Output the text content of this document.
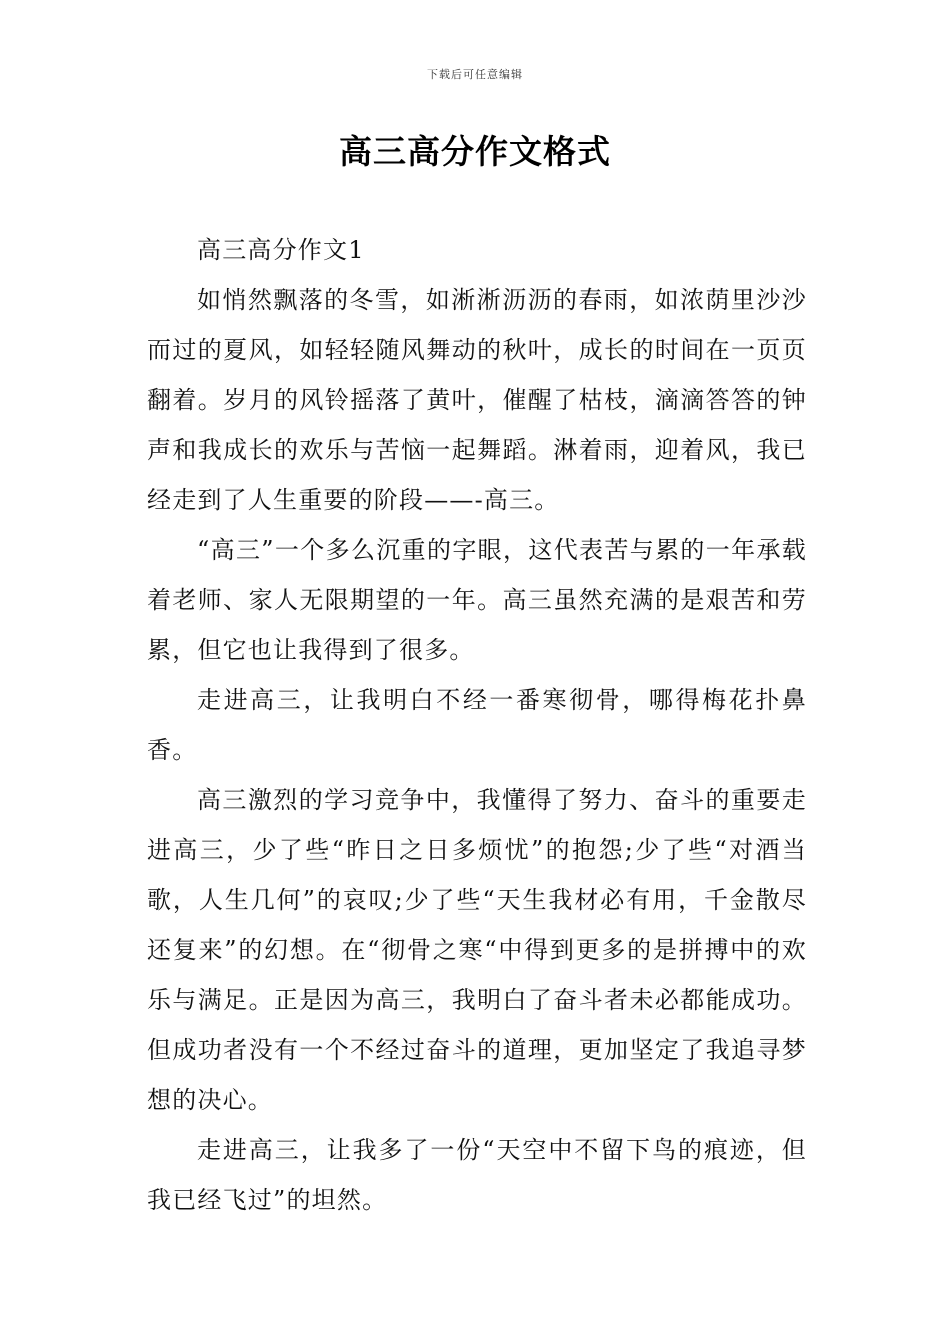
下载后可任意编辑
高三高分作文格式

高三高分作文1

如悄然飘落的冬雪，如淅淅沥沥的春雨，如浓荫里沙沙而过的夏风，如轻轻随风舞动的秋叶，成长的时间在一页页翻着。岁月的风铃摇落了黄叶，催醒了枯枝，滴滴答答的钟声和我成长的欢乐与苦恼一起舞蹈。淋着雨，迎着风，我已经走到了人生重要的阶段——-高三。

“高三”一个多么沉重的字眼，这代表苦与累的一年承载着老师、家人无限期望的一年。高三虽然充满的是艰苦和劳累，但它也让我得到了很多。

走进高三，让我明白不经一番寒彻骨，哪得梅花扑鼻香。

高三激烈的学习竞争中，我懂得了努力、奋斗的重要走进高三，少了些“昨日之日多烦忧”的抱怨;少了些“对酒当歌，人生几何”的哀叹;少了些“天生我材必有用，千金散尽还复来”的幻想。在“彻骨之寒“中得到更多的是拼搏中的欢乐与满足。正是因为高三，我明白了奋斗者未必都能成功。但成功者没有一个不经过奋斗的道理，更加坚定了我追寻梦想的决心。

走进高三，让我多了一份“天空中不留下鸟的痕迹，但我已经飞过”的坦然。
